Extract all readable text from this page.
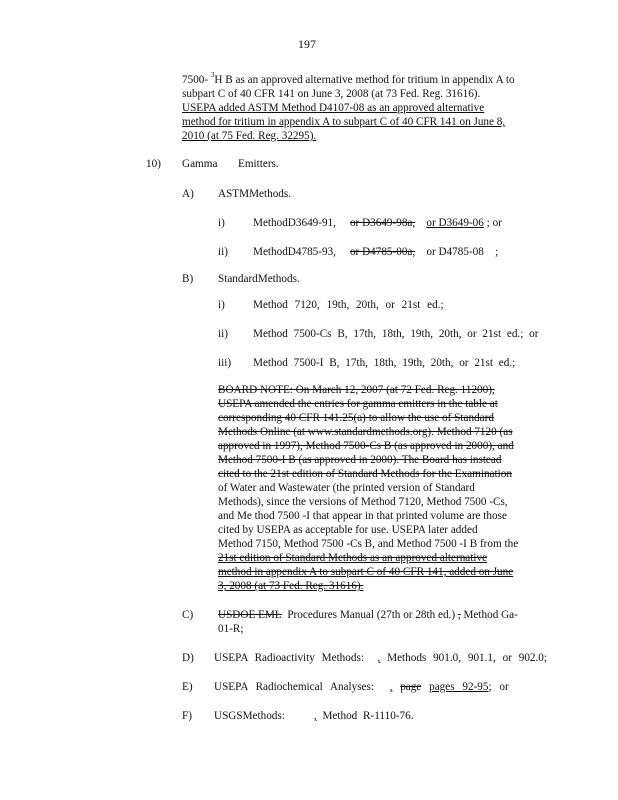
197
7500- $^3$H B as an approved alternative method for tritium in appendix A to
subpart C of 40 CFR 141 on June 3, 2008 (at 73 Fed. Reg. 31616).
USEPA added ASTM Method D4107-08 as an approved alternative
method for tritium in appendix A to subpart C of 40 CFR 141 on June 8,
2010 (at 75 Fed. Reg. 32295).
10) Gamma Emitters.
A) ASTMMethods.
i)	MethodD3649-91, or D3649-98a, or D3649-06 ; or
ii) MethodD4785-93, or D4785-00a, or D4785-08 ;
B) StandardMethods.
i)	Method 7120, 19th, 20th, or 21st ed.;
ii) Method 7500-Cs B, 17th, 18th, 19th, 20th, or 21st ed.; or
iii) Method 7500-I B, 17th, 18th, 19th, 20th, or 21st ed.;
BOARD NOTE: On March 12, 2007 (at 72 Fed. Reg. 11200),
USEPA amended the entries for gamma emitters in the table at
corresponding 40 CFR 141.25(a) to allow the use of Standard
Methods Online (at www.standardmethods.org). Method 7120 (as
approved in 1997), Method 7500-Cs B (as approved in 2000), and
Method 7500-I B (as approved in 2000). The Board has instead
cited to the 21st edition of Standard Methods for the Examination
of Water and Wastewater (the printed version of Standard
Methods), since the versions of Method 7120, Method 7500 -Cs,
and Me thod 7500 -I that appear in that printed volume are those
cited by USEPA as acceptable for use. USEPA later added
Method 7150, Method 7500 -Cs B, and Method 7500 -I B from the
21st edition of Standard Methods as an approved alternative
method in appendix A to subpart C of 40 CFR 141, added on June
3, 2008 (at 73 Fed. Reg. 31616).
C) USDOE EML Procedures Manual (27th or 28th ed.) , Method Ga-
01-R;
D) USEPA Radioactivity Methods: , Methods 901.0, 901.1, or 902.0;
E) USEPA Radiochemical Analyses: , page pages 92-95; or
F) USGSMethods:	, Method R-1110-76.
